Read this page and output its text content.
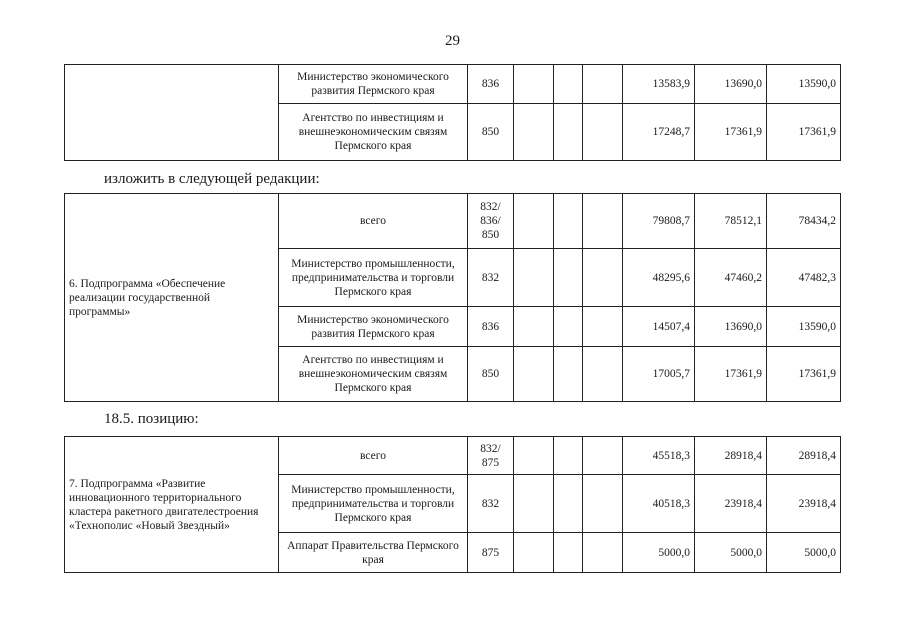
29
	Министерство экономического развития Пермского края	836				13583,9	13690,0	13590,0
	Агентство по инвестициям и внешнеэкономическим связям Пермского края	850				17248,7	17361,9	17361,9
изложить в следующей редакции:
6. Подпрограмма «Обеспечение реализации государственной программы»	всего	832/ 836/ 850				79808,7	78512,1	78434,2
	Министерство промышленности, предпринимательства и торговли Пермского края	832				48295,6	47460,2	47482,3
	Министерство экономического развития Пермского края	836				14507,4	13690,0	13590,0
	Агентство по инвестициям и внешнеэкономическим связям Пермского края	850				17005,7	17361,9	17361,9
18.5. позицию:
7. Подпрограмма «Развитие инновационного территориального кластера ракетного двигателестроения «Технополис «Новый Звездный»	всего	832/ 875				45518,3	28918,4	28918,4
	Министерство промышленности, предпринимательства и торговли Пермского края	832				40518,3	23918,4	23918,4
	Аппарат Правительства Пермского края	875				5000,0	5000,0	5000,0
